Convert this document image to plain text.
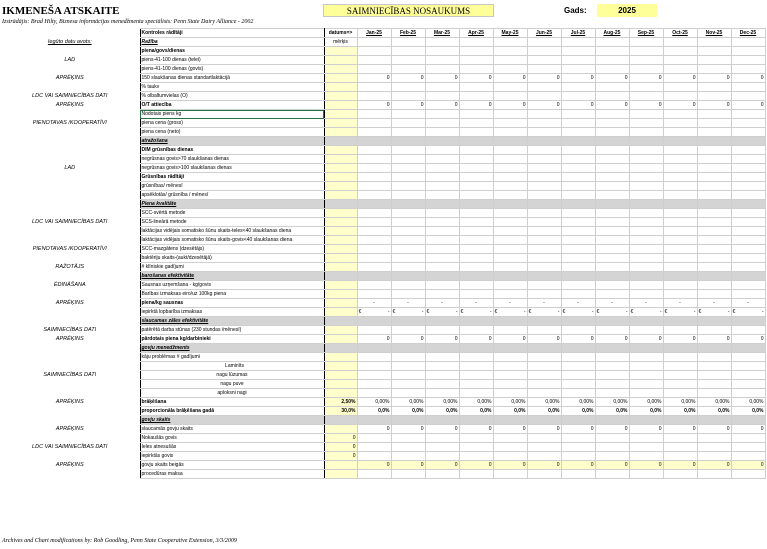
IKMENEŠA ATSKAITE
Izstrādājis: Brad Hilty, Biznesa informācijas menedžmenta speciālists: Penn State Dairy Alliance - 2002
SAIMNIECĪBAS NOSAUKUMS	Gads:	2025
	Kontroles rādītāji	datums=>	Jan-25	Feb-25	Mar-25	Apr-25	May-25	Jun-25	Jul-25	Aug-25	Sep-25	Oct-25	Nov-25	Dec-25
Iegūto datu avots:	Ražība	mērķis												
	piena/govs/dienas													
LAD	piens-41-100 dienas (telei)													
	piens-41-100 dienas (govis)													
APRĒĶINS	150 slaukšanas dienas standartlaktācijā		0	0	0	0	0	0	0	0	0	0	0	0
	% taukv													
LDC VAI SAIMNIECĪBAS DATI	% olbaltumvielas (O)													
APRĒĶINS	O/T attiecība		0	0	0	0	0	0	0	0	0	0	0	0
	Nodotais piens kg													
PIENOTAVAS /KOOPERATĪVI	piena cena (gross)													
	piena cena (neto)													
	atražošana													
	DIM grūsnības dienas													
	negrūsnas govis>70 slaukšanas dienas													
LAD	negrūsnas govis>100 slaukšanas dienas													
	Grūsnības rādītāji													
	grūsnības/ mēnesī													
	apsēklotās/ grūsnība / mēnesī													
	Piena kvalitāte													
	SCC-svērtā metode													
LDC VAI SAIMNIECĪBAS DATI	SCS-lineārā metode													
	laktācijas vidējais somatisko šūnu skaits-teles<40 slaukšanas diena													
	laktācijas vidējais somatisko šūnu skaits-govis<40 slaukšanas diena													
PIENOTAVAS /KOOPERATĪVI	SCC-mazgātens (dzesētājs)													
	baktēriju skaits-(aukt/dzesētājā)													
RAŽOTĀJS	# klīniskie gadījumi													
	barošanas efektivitāte													
ĒDINĀŠANA	Sausnas uzņemšana - kg/govis													
	Barības izmaksas eiro/uz 100kg piena													
APRĒĶINS	piena/kg sausnas		-	-	-	-	-	-	-	-	-	-	-	-
	iepirktā lopbarība izmaksas		€ -	€ -	€ -	€ -	€ -	€ -	€ -	€ -	€ -	€ -	€ -	€ -

	slaucamas zāles efektivitāte													
SAIMNIECĪBAS DATI	patērētā darba stūnas (230 stundas /mēnesī)													
APRĒĶINS	pārdotais piena kg/darbinieki		0	0	0	0	0	0	0	0	0	0	0	0
	govju menedžments													
	kāju problēmas # gadījumi													
	Laminīts													
SAIMNIECĪBAS DATI	nagu lūzumas													
	nagu puve													
	aploksni nagi													
APRĒĶINS	brāķēšana	2,50%	0,00%	0,00%	0,00%	0,00%	0,00%	0,00%	0,00%	0,00%	0,00%	0,00%	0,00%	0,00%
	proporcionāla brāķēšana gadā	30,0%	0,0%	0,0%	0,0%	0,0%	0,0%	0,0%	0,0%	0,0%	0,0%	0,0%	0,0%	0,0%
	govju skaits													
APRĒĶINS	slaucamās govju skaits		0	0	0	0	0	0	0	0	0	0	0	0
	Nokaušās govis	0												
LDC VAI SAIMNIECĪBAS DATI	Ieles atnesušās	0												
	iepirktās govis	0												
APRĒĶINS	govju skaits beigās		0	0	0	0	0	0	0	0	0	0	0	0
	procedūras maksa													
Archives and Chart modifications by: Rob Goodling, Penn State Cooperative Extension, 3/3/2009
